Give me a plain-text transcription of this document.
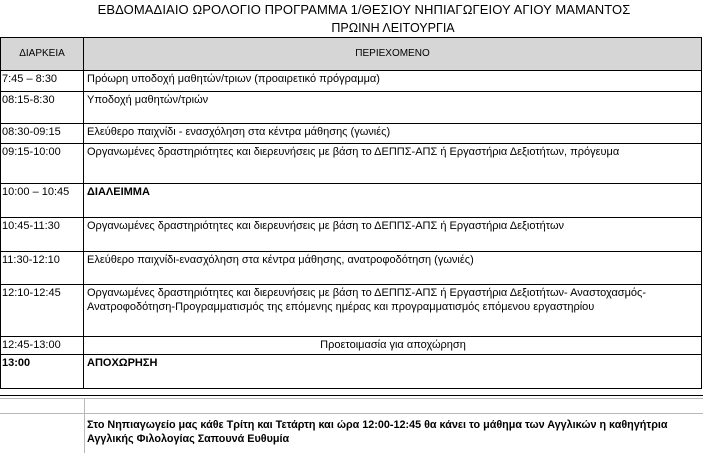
ΕΒΔΟΜΑΔΙΑΙΟ ΩΡΟΛΟΓΙΟ ΠΡΟΓΡΑΜΜΑ 1/ΘΕΣΙΟΥ ΝΗΠΙΑΓΩΓΕΙΟΥ ΑΓΙΟΥ ΜΑΜΑΝΤΟΣ
ΠΡΩΙΝΗ ΛΕΙΤΟΥΡΓΙΑ
ΔΙΑΡΚΕΙΑ	ΠΕΡΙΕΧΟΜΕΝΟ
7:45 – 8:30	Πρόωρη υποδοχή μαθητών/τριων (προαιρετικό πρόγραμμα)
08:15-8:30	Υποδοχή μαθητών/τριών
08:30-09:15	Ελεύθερο παιχνίδι - ενασχόληση στα κέντρα μάθησης (γωνιές)
09:15-10:00	Οργανωμένες δραστηριότητες και διερευνήσεις με βάση το ΔΕΠΠΣ-ΑΠΣ ή Εργαστήρια Δεξιοτήτων, πρόγευμα
10:00 – 10:45	ΔΙΑΛΕΙΜΜΑ
10:45-11:30	Οργανωμένες δραστηριότητες και διερευνήσεις με βάση το ΔΕΠΠΣ-ΑΠΣ ή Εργαστήρια Δεξιοτήτων
11:30-12:10	Ελεύθερο παιχνίδι-ενασχόληση στα κέντρα μάθησης, ανατροφοδότηση (γωνιές)
12:10-12:45	Οργανωμένες δραστηριότητες και διερευνήσεις με βάση το ΔΕΠΠΣ-ΑΠΣ ή Εργαστήρια Δεξιοτήτων- Αναστοχασμός-Ανατροφοδότηση-Προγραμματισμός της επόμενης ημέρας και προγραμματισμός επόμενου εργαστηρίου
12:45-13:00	Προετοιμασία για αποχώρηση
13:00	ΑΠΟΧΩΡΗΣΗ
Στο Νηπιαγωγείο μας κάθε Τρίτη και Τετάρτη και ώρα 12:00-12:45 θα κάνει το μάθημα των Αγγλικών η καθηγήτρια Αγγλικής Φιλολογίας Σαπουνά Ευθυμία
